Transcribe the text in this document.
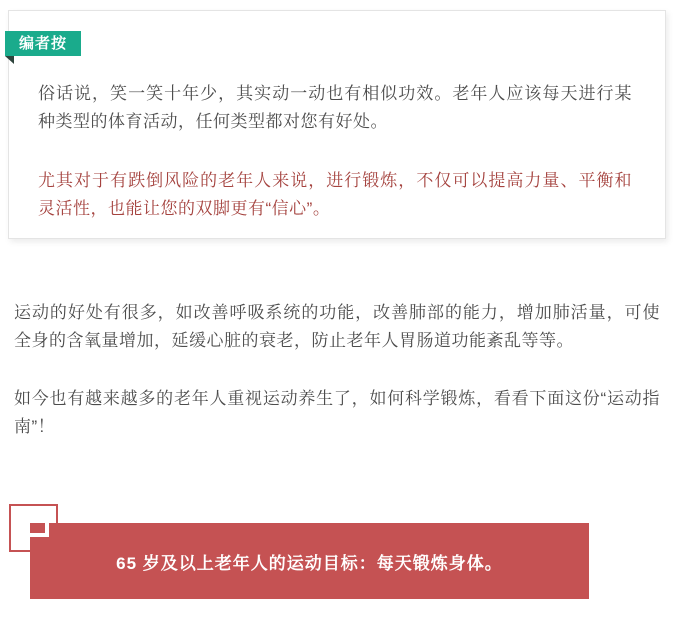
俗话说，笑一笑十年少，其实动一动也有相似功效。老年人应该每天进行某种类型的体育活动，任何类型都对您有好处。

尤其对于有跌倒风险的老年人来说，进行锻炼，不仅可以提高力量、平衡和灵活性，也能让您的双脚更有“信心”。

编者按

运动的好处有很多，如改善呼吸系统的功能，改善肺部的能力，增加肺活量，可使全身的含氧量增加，延缓心脏的衰老，防止老年人胃肠道功能紊乱等等。

如今也有越来越多的老年人重视运动养生了，如何科学锻炼，看看下面这份“运动指南”！

65 岁及以上老年人的运动目标：每天锻炼身体。
